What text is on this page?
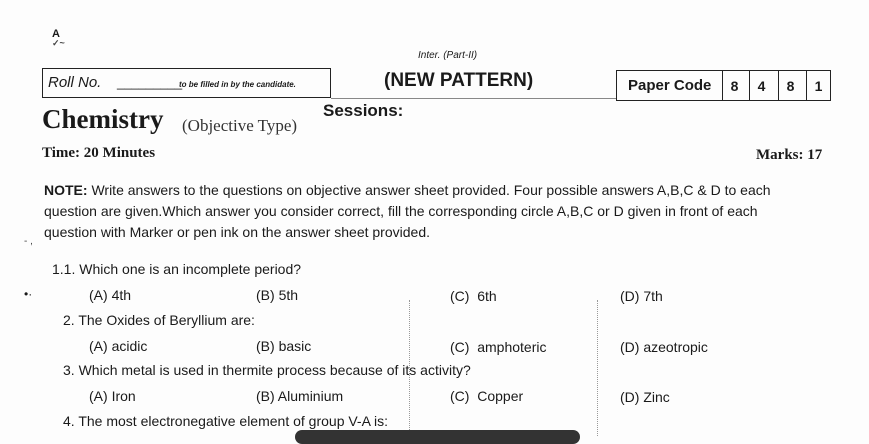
A
✓~
Inter. (Part-II)
Roll No. _________
to be filled in by the candidate.	(NEW PATTERN)	Paper Code	8	4	8	1
Sessions:
Chemistry (Objective Type)
Time: 20 Minutes	Marks: 17
NOTE: Write answers to the questions on objective answer sheet provided. Four possible answers A,B,C & D to each
question are given.Which answer you consider correct, fill the corresponding circle A,B,C or D given in front of each
question with Marker or pen ink on the answer sheet provided.
- ,
•·
1.1. Which one is an incomplete period?
(A) 4th	(B) 5th	(C) 6th	(D) 7th
2. The Oxides of Beryllium are:
(A) acidic	(B) basic	(C) amphoteric	(D) azeotropic
3. Which metal is used in thermite process because of its activity?
(A) Iron	(B) Aluminium	(C) Copper	(D) Zinc
4. The most electronegative element of group V-A is:
